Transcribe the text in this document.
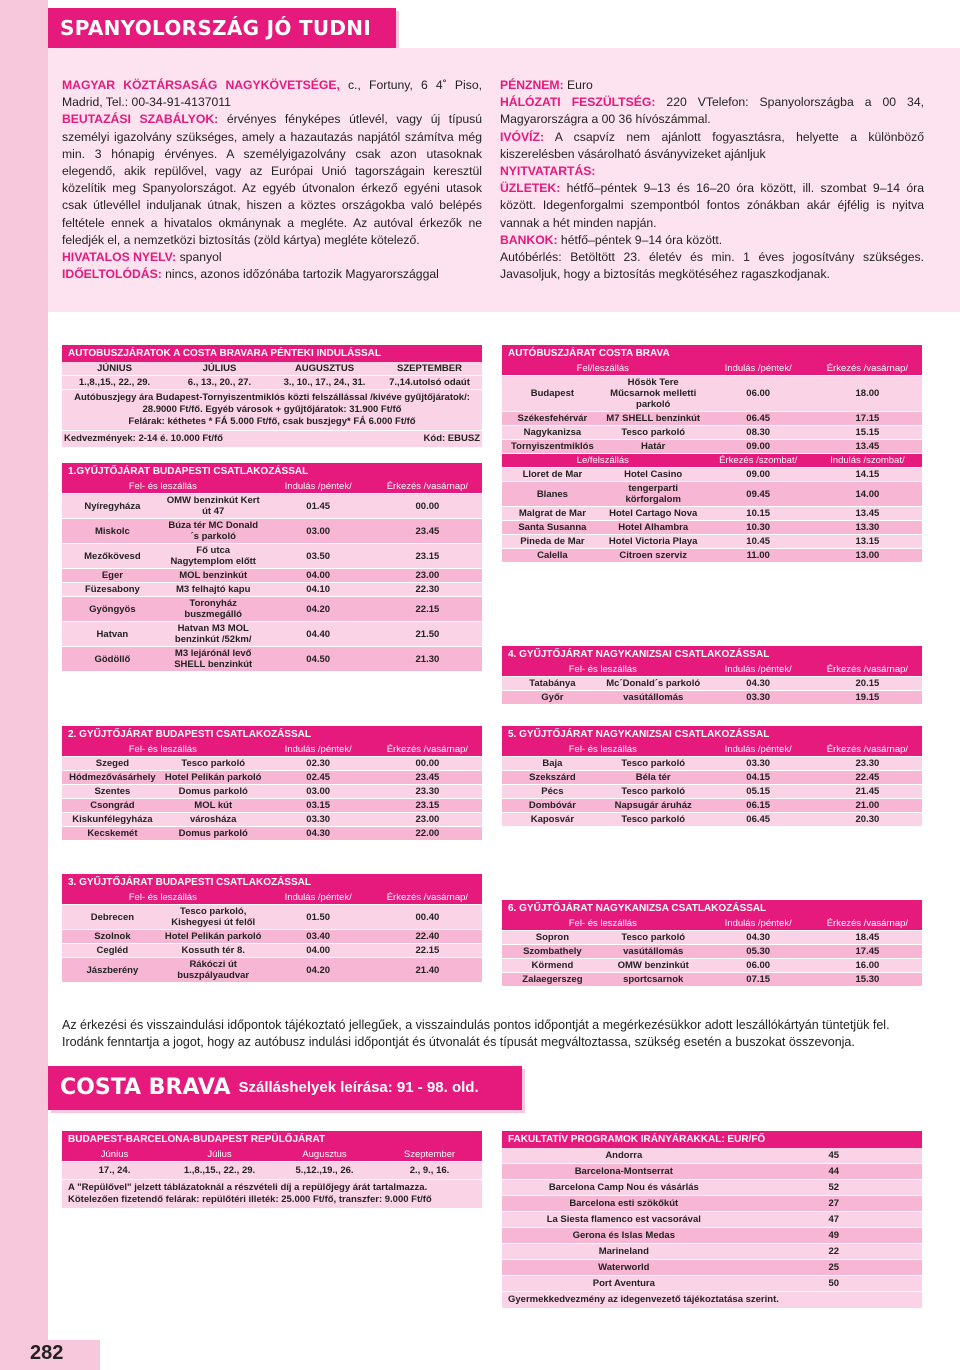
SPANYOLORSZÁG JÓ TUDNI

MAGYAR KÖZTÁRSASÁG NAGYKÖVETSÉGE, c., Fortuny, 6 4˚ Piso, Madrid, Tel.: 00-34-91-4137011

BEUTAZÁSI SZABÁLYOK: érvényes fényképes útlevél, vagy új típusú személyi igazolvány szükséges, amely a hazautazás napjától számítva még min. 3 hónapig érvényes. A személyigazolvány csak azon utasoknak elegendő, akik repülővel, vagy az Európai Unió tagországain keresztül közelítik meg Spanyolországot. Az egyéb útvonalon érkező egyéni utasok csak útlevéllel induljanak útnak, hiszen a köztes országokba való belépés feltétele ennek a hivatalos okmánynak a megléte. Az autóval érkezők ne feledjék el, a nemzetközi biztosítás (zöld kártya) megléte kötelező.

HIVATALOS NYELV: spanyol

IDŐELTOLÓDÁS: nincs, azonos időzónába tartozik Magyarországgal

PÉNZNEM: Euro

HÁLÓZATI FESZÜLTSÉG: 220 VTelefon: Spanyolországba a 00 34, Magyarországra a 00 36 hívószámmal.

IVÓVÍZ: A csapvíz nem ajánlott fogyasztásra, helyette a különböző kiszerelésben vásárolható ásványvizeket ajánljuk

NYITVATARTÁS:

ÜZLETEK: hétfő–péntek 9–13 és 16–20 óra között, ill. szombat 9–14 óra között. Idegenforgalmi szempontból fontos zónákban akár éjfélig is nyitva vannak a hét minden napján.

BANKOK: hétfő–péntek 9–14 óra között.

Autóbérlés: Betöltött 23. életév és min. 1 éves jogosítvány szükséges. Javasoljuk, hogy a biztosítás megkötéséhez ragaszkodjanak.

AUTOBUSZJÁRATOK A COSTA BRAVARA PÉNTEKI INDULÁSSAL
JÚNIUS	JÚLIUS	AUGUSZTUS	SZEPTEMBER
1.,8.,15., 22., 29.	6., 13., 20., 27.	3., 10., 17., 24., 31.	7.,14.utolsó odaút
Autóbuszjegy ára Budapest-Tornyiszentmiklós közti felszállással /kivéve gyűjtőjáratok/:
28.9000 Ft/fő. Egyéb városok + gyűjtőjáratok: 31.900 Ft/fő
Felárak: kéthetes * FÁ 5.000 Ft/fő, csak buszjegy* FÁ 6.000 Ft/fő
Kedvezmények: 2-14 é. 10.000 Ft/fő	Kód: EBUSZ
1.GYŰJTŐJÁRAT BUDAPESTI CSATLAKOZÁSSAL
Fel- és leszállás		Indulás /péntek/	Érkezés /vasárnap/
Nyíregyháza	OMW benzinkút Kert út 47	01.45	00.00
Miskolc	Búza tér MC Donald´s parkoló	03.00	23.45
Mezőkövesd	Fő utca Nagytemplom előtt	03.50	23.15
Eger	MOL benzinkút	04.00	23.00
Füzesabony	M3 felhajtó kapu	04.10	22.30
Gyöngyös	Toronyház buszmegálló	04.20	22.15
Hatvan	Hatvan M3 MOL benzinkút /52km/	04.40	21.50
Gödöllő	M3 lejárónál levő SHELL benzinkút	04.50	21.30
2. GYŰJTŐJÁRAT BUDAPESTI CSATLAKOZÁSSAL
Fel- és leszállás		Indulás /péntek/	Érkezés /vasárnap/
Szeged	Tesco parkoló	02.30	00.00
Hódmezővásárhely	Hotel Pelikán parkoló	02.45	23.45
Szentes	Domus parkoló	03.00	23.30
Csongrád	MOL kút	03.15	23.15
Kiskunfélegyháza	városháza	03.30	23.00
Kecskemét	Domus parkoló	04.30	22.00
3. GYŰJTŐJÁRAT BUDAPESTI CSATLAKOZÁSSAL
Fel- és leszállás		Indulás /péntek/	Érkezés /vasárnap/
Debrecen	Tesco parkoló, Kishegyesi út felől	01.50	00.40
Szolnok	Hotel Pelikán parkoló	03.40	22.40
Cegléd	Kossuth tér 8.	04.00	22.15
Jászberény	Rákóczi út buszpályaudvar	04.20	21.40
AUTÓBUSZJÁRAT COSTA BRAVA
Fel/leszállás		Indulás /péntek/	Érkezés /vasárnap/
Budapest	Hősök Tere Műcsarnok melletti parkoló	06.00	18.00
Székesfehérvár	M7 SHELL benzinkút	06.45	17.15
Nagykanizsa	Tesco parkoló	08.30	15.15
Tornyiszentmiklós	Határ	09.00	13.45
Le/felszállás		Érkezés /szombat/	Indulás /szombat/
Lloret de Mar	Hotel Casino	09.00	14.15
Blanes	tengerparti körforgalom	09.45	14.00
Malgrat de Mar	Hotel Cartago Nova	10.15	13.45
Santa Susanna	Hotel Alhambra	10.30	13.30
Pineda de Mar	Hotel Victoria Playa	10.45	13.15
Calella	Citroen szerviz	11.00	13.00
4. GYŰJTŐJÁRAT NAGYKANIZSAI CSATLAKOZÁSSAL
Fel- és leszállás		Indulás /péntek/	Érkezés /vasárnap/
Tatabánya	Mc´Donald´s parkoló	04.30	20.15
Győr	vasútállomás	03.30	19.15
5. GYŰJTŐJÁRAT NAGYKANIZSAI CSATLAKOZÁSSAL
Fel- és leszállás		Indulás /péntek/	Érkezés /vasárnap/
Baja	Tesco parkoló	03.30	23.30
Szekszárd	Béla tér	04.15	22.45
Pécs	Tesco parkoló	05.15	21.45
Dombóvár	Napsugár áruház	06.15	21.00
Kaposvár	Tesco parkoló	06.45	20.30
6. GYŰJTŐJÁRAT NAGYKANIZSA CSATLAKOZÁSSAL
Fel- és leszállás		Indulás /péntek/	Érkezés /vasárnap/
Sopron	Tesco parkoló	04.30	18.45
Szombathely	vasútállomás	05.30	17.45
Körmend	OMW benzinkút	06.00	16.00
Zalaegerszeg	sportcsarnok	07.15	15.30
Az érkezési és visszaindulási időpontok tájékoztató jellegűek, a visszaindulás pontos időpontját a megérkezésükkor adott leszállókártyán tüntetjük fel. Irodánk fenntartja a jogot, hogy az autóbusz indulási időpontját és útvonalát és típusát megváltoztassa, szükség esetén a buszokat összevonja.
COSTA BRAVA Szálláshelyek leírása: 91 - 98. old.
BUDAPEST-BARCELONA-BUDAPEST REPÜLŐJÁRAT
Június	Július	Augusztus	Szeptember
17., 24.	1.,8.,15., 22., 29.	5.,12.,19., 26.	2., 9., 16.
A "Repülővel" jelzett táblázatoknál a részvételi díj a repülőjegy árát tartalmazza.
Kötelezően fizetendő felárak: repülőtéri illeték: 25.000 Ft/fő, transzfer: 9.000 Ft/fő
FAKULTATÍV PROGRAMOK IRÁNYÁRAKKAL: EUR/FŐ
Andorra	45
Barcelona-Montserrat	44
Barcelona Camp Nou és vásárlás	52
Barcelona esti szökőkút	27
La Siesta flamenco est vacsorával	47
Gerona és Islas Medas	49
Marineland	22
Waterworld	25
Port Aventura	50
Gyermekkedvezmény az idegenvezető tájékoztatása szerint.
282
